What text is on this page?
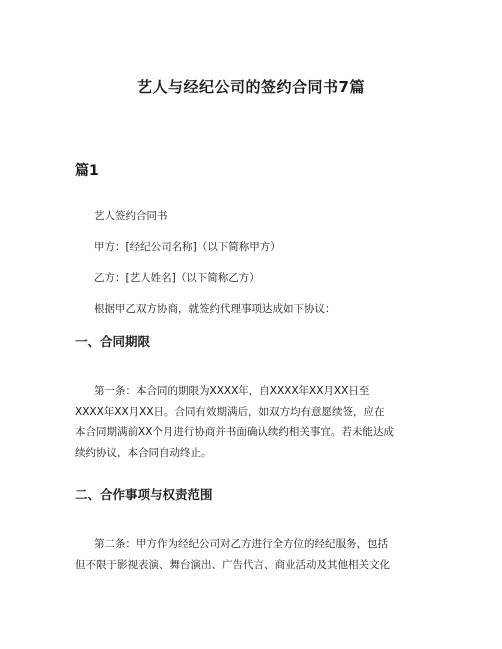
艺人与经纪公司的签约合同书7篇
篇1
艺人签约合同书
甲方：[经纪公司名称]（以下简称甲方）
乙方：[艺人姓名]（以下简称乙方）
根据甲乙双方协商，就签约代理事项达成如下协议：
一、合同期限
第一条：本合同的期限为XXXX年，自XXXX年XX月XX日至
XXXX年XX月XX日。合同有效期满后，如双方均有意愿续签，应在
本合同期满前XX个月进行协商并书面确认续约相关事宜。若未能达成
续约协议，本合同自动终止。
二、合作事项与权责范围
第二条：甲方作为经纪公司对乙方进行全方位的经纪服务，包括
但不限于影视表演、舞台演出、广告代言、商业活动及其他相关文化
